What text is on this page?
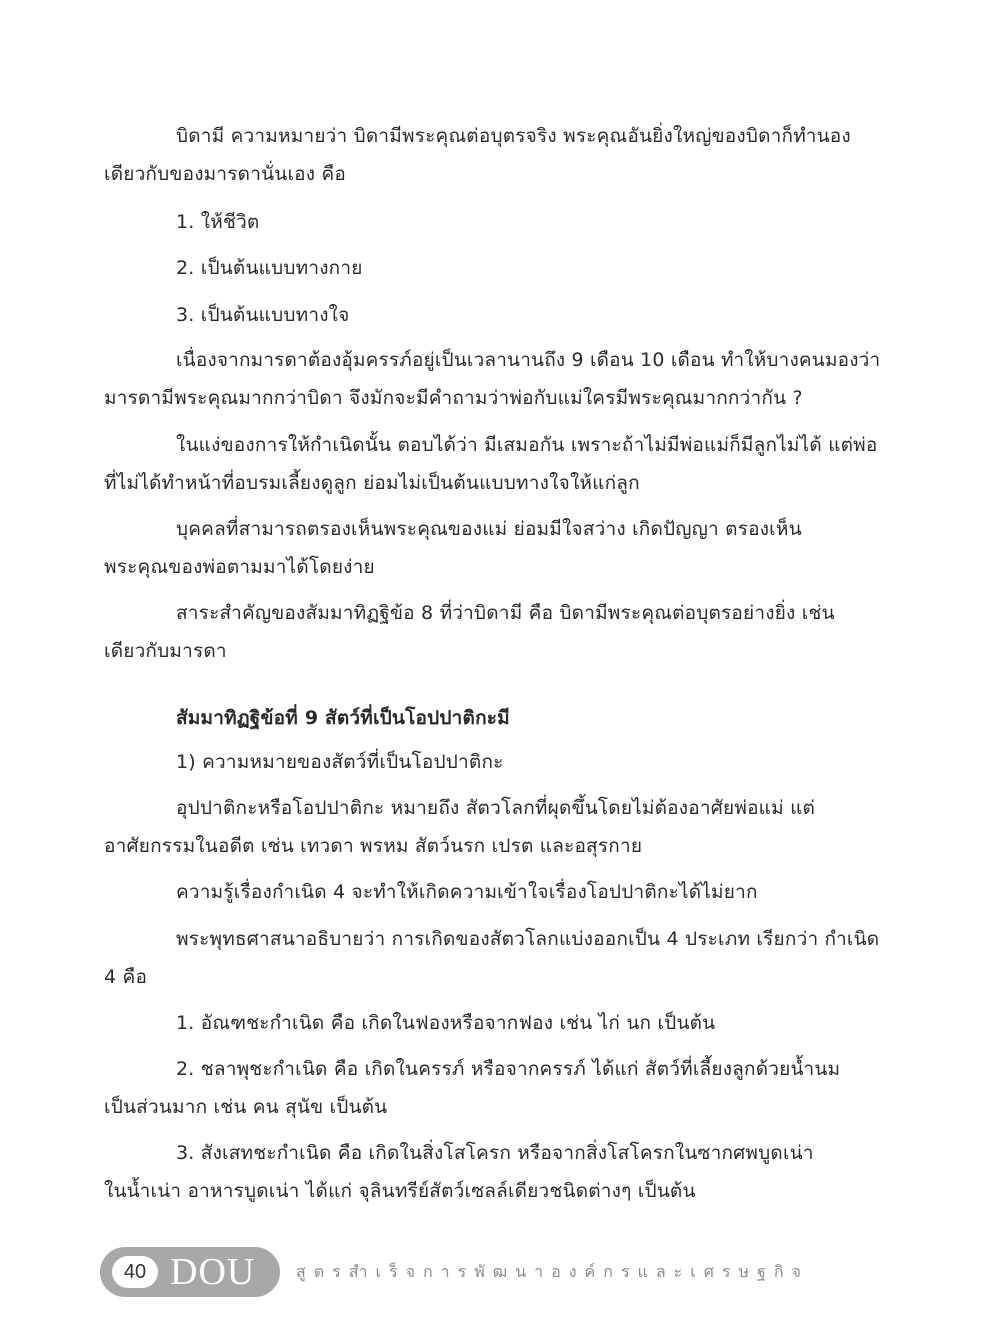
บิดามี ความหมายว่า บิดามีพระคุณต่อบุตรจริง พระคุณอันยิ่งใหญ่ของบิดาก็ทำนอง
เดียวกับของมารดานั่นเอง คือ
1. ให้ชีวิต
2. เป็นต้นแบบทางกาย
3. เป็นต้นแบบทางใจ
เนื่องจากมารดาต้องอุ้มครรภ์อยู่เป็นเวลานานถึง 9 เดือน 10 เดือน ทำให้บางคนมองว่า
มารดามีพระคุณมากกว่าบิดา จึงมักจะมีคำถามว่าพ่อกับแม่ใครมีพระคุณมากกว่ากัน ?
ในแง่ของการให้กำเนิดนั้น ตอบได้ว่า มีเสมอกัน เพราะถ้าไม่มีพ่อแม่ก็มีลูกไม่ได้ แต่พ่อ
ที่ไม่ได้ทำหน้าที่อบรมเลี้ยงดูลูก ย่อมไม่เป็นต้นแบบทางใจให้แก่ลูก
บุคคลที่สามารถตรองเห็นพระคุณของแม่ ย่อมมีใจสว่าง เกิดปัญญา ตรองเห็น
พระคุณของพ่อตามมาได้โดยง่าย
สาระสำคัญของสัมมาทิฏฐิข้อ 8 ที่ว่าบิดามี คือ บิดามีพระคุณต่อบุตรอย่างยิ่ง เช่น
เดียวกับมารดา
สัมมาทิฏฐิข้อที่ 9 สัตว์ที่เป็นโอปปาติกะมี
1) ความหมายของสัตว์ที่เป็นโอปปาติกะ
อุปปาติกะหรือโอปปาติกะ หมายถึง สัตวโลกที่ผุดขึ้นโดยไม่ต้องอาศัยพ่อแม่ แต่
อาศัยกรรมในอดีต เช่น เทวดา พรหม สัตว์นรก เปรต และอสุรกาย
ความรู้เรื่องกำเนิด 4 จะทำให้เกิดความเข้าใจเรื่องโอปปาติกะได้ไม่ยาก
พระพุทธศาสนาอธิบายว่า การเกิดของสัตวโลกแบ่งออกเป็น 4 ประเภท เรียกว่า กำเนิด
4 คือ
1. อัณฑชะกำเนิด คือ เกิดในฟองหรือจากฟอง เช่น ไก่ นก เป็นต้น
2. ชลาพุชะกำเนิด คือ เกิดในครรภ์ หรือจากครรภ์ ได้แก่ สัตว์ที่เลี้ยงลูกด้วยน้ำนม
เป็นส่วนมาก เช่น คน สุนัข เป็นต้น
3. สังเสทชะกำเนิด คือ เกิดในสิ่งโสโครก หรือจากสิ่งโสโครกในซากศพบูดเน่า
ในน้ำเน่า อาหารบูดเน่า ได้แก่ จุลินทรีย์สัตว์เซลล์เดียวชนิดต่างๆ เป็นต้น
40 DOU	สูตรสำเร็จการพัฒนาองค์กรและเศรษฐกิจ
